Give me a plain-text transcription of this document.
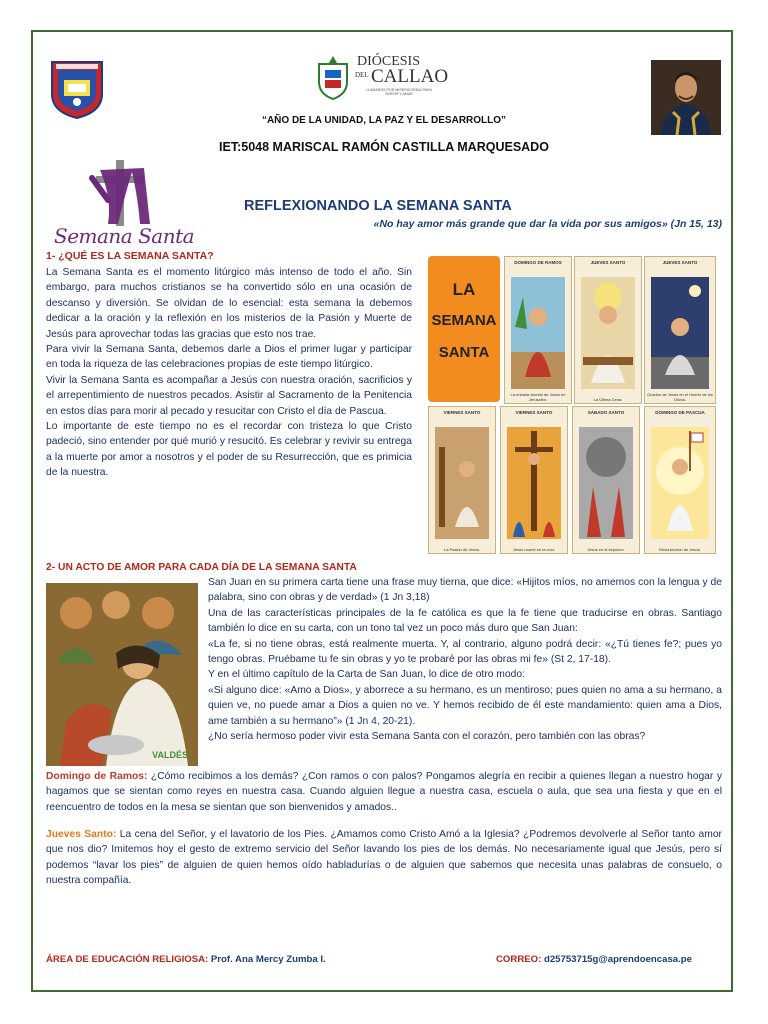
DIÓCESIS
DEL CALLAO
LLAMADOS POR MISERICORDIA PARA SERVIR Y AMAR
“AÑO DE LA UNIDAD, LA PAZ Y EL DESARROLLO”
IET:5048 MARISCAL RAMÓN CASTILLA MARQUESADO
Semana Santa
REFLEXIONANDO LA SEMANA SANTA
«No hay amor más grande que dar la vida por sus amigos» (Jn 15, 13)
1- ¿QUÉ ES LA SEMANA SANTA?

La Semana Santa es el momento litúrgico más intenso de todo el año. Sin embargo, para muchos cristianos se ha convertido sólo en una ocasión de descanso y diversión. Se olvidan de lo esencial: esta semana la debemos dedicar a la oración y la reflexión en los misterios de la Pasión y Muerte de Jesús para aprovechar todas las gracias que esto nos trae.

Para vivir la Semana Santa, debemos darle a Dios el primer lugar y participar en toda la riqueza de las celebraciones propias de este tiempo litúrgico.

Vivir la Semana Santa es acompañar a Jesús con nuestra oración, sacrificios y el arrepentimiento de nuestros pecados. Asistir al Sacramento de la Penitencia en estos días para morir al pecado y resucitar con Cristo el día de Pascua.

Lo importante de este tiempo no es el recordar con tristeza lo que Cristo padeció, sino entender por qué murió y resucitó. Es celebrar y revivir su entrega a la muerte por amor a nosotros y el poder de su Resurrección, que es primicia de la nuestra.

LA
SEMANA
SANTA
DOMINGO DE RAMOS
La entrada triunfal de Jesús en Jerusalén.
JUEVES SANTO
La Última Cena.
JUEVES SANTO
Oración de Jesús en el Huerto de los Olivos.
VIERNES SANTO
La Pasión de Jesús.
VIERNES SANTO
Jesús muere en la cruz.
SÁBADO SANTO
Jesús en el sepulcro.
DOMINGO DE PASCUA
Resurrección de Jesús.
2- UN ACTO DE AMOR PARA CADA DÍA DE LA SEMANA SANTA
VALDÉS

San Juan en su primera carta tiene una frase muy tierna, que dice: «Hijitos míos, no amemos con la lengua y de palabra, sino con obras y de verdad» (1 Jn 3,18)

Una de las características principales de la fe católica es que la fe tiene que traducirse en obras. Santiago también lo dice en su carta, con un tono tal vez un poco más duro que San Juan:

«La fe, si no tiene obras, está realmente muerta. Y, al contrario, alguno podrá decir: «¿Tú tienes fe?; pues yo tengo obras. Pruébame tu fe sin obras y yo te probaré por las obras mi fe» (St 2, 17-18).

Y en el último capítulo de la Carta de San Juan, lo dice de otro modo:

«Si alguno dice: «Amo a Dios», y aborrece a su hermano, es un mentiroso; pues quien no ama a su hermano, a quien ve, no puede amar a Dios a quien no ve. Y hemos recibido de él este mandamiento: quien ama a Dios, ame también a su hermano”» (1 Jn 4, 20-21).

¿No sería hermoso poder vivir esta Semana Santa con el corazón, pero también con las obras?

Domingo de Ramos: ¿Cómo recibimos a los demás? ¿Con ramos o con palos? Pongamos alegría en recibir a quienes llegan a nuestro hogar y hagamos que se sientan como reyes en nuestra casa. Cuando alguien llegue a nuestra casa, escuela o aula, que sea una fiesta y que en el reencuentro de todos en la mesa se sientan que son bienvenidos y amados..

Jueves Santo: La cena del Señor, y el lavatorio de los Pies. ¿Amamos como Cristo Amó a la Iglesia? ¿Podremos devolverle al Señor tanto amor que nos dio? Imitemos hoy el gesto de extremo servicio del Señor lavando los pies de los demás. No necesariamente igual que Jesús, pero sí podemos “lavar los pies” de alguien de quien hemos oído habladurías o de alguien que sabemos que necesita unas palabras de consuelo, o nuestra compañía.

ÁREA DE EDUCACIÓN RELIGIOSA: Prof. Ana Mercy Zumba I.	CORREO: d25753715g@aprendoencasa.pe
